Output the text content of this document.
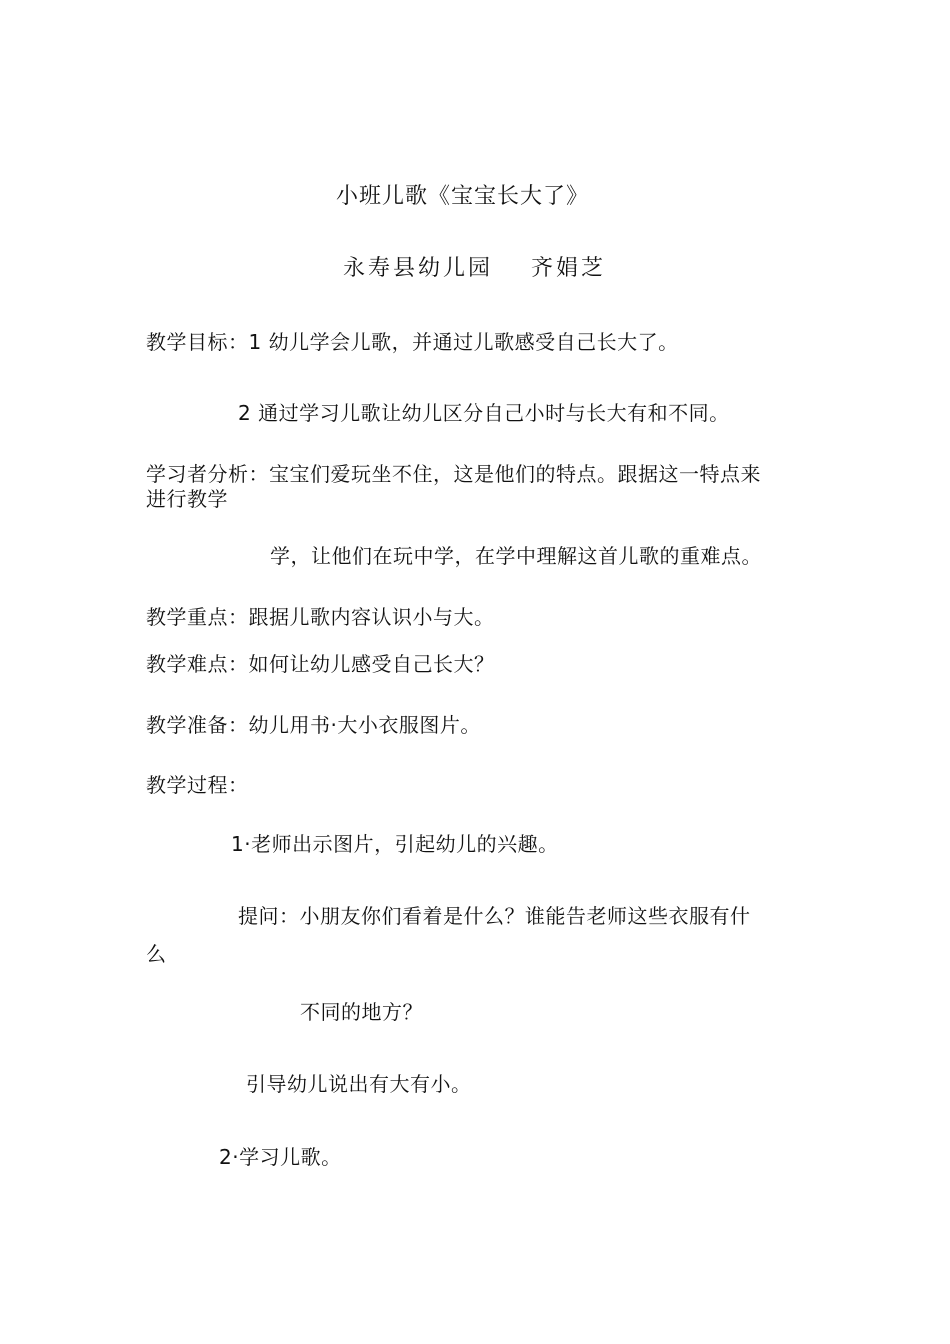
小班儿歌《宝宝长大了》
永寿县幼儿园 齐娟芝
教学目标：1 幼儿学会儿歌，并通过儿歌感受自己长大了。
2 通过学习儿歌让幼儿区分自己小时与长大有和不同。
学习者分析：宝宝们爱玩坐不住，这是他们的特点。跟据这一特点来
进行教学
学，让他们在玩中学，在学中理解这首儿歌的重难点。
教学重点：跟据儿歌内容认识小与大。
教学难点：如何让幼儿感受自己长大？
教学准备：幼儿用书·大小衣服图片。
教学过程：
1·老师出示图片，引起幼儿的兴趣。
提问：小朋友你们看着是什么？谁能告老师这些衣服有什
么
不同的地方？
引导幼儿说出有大有小。
2·学习儿歌。
